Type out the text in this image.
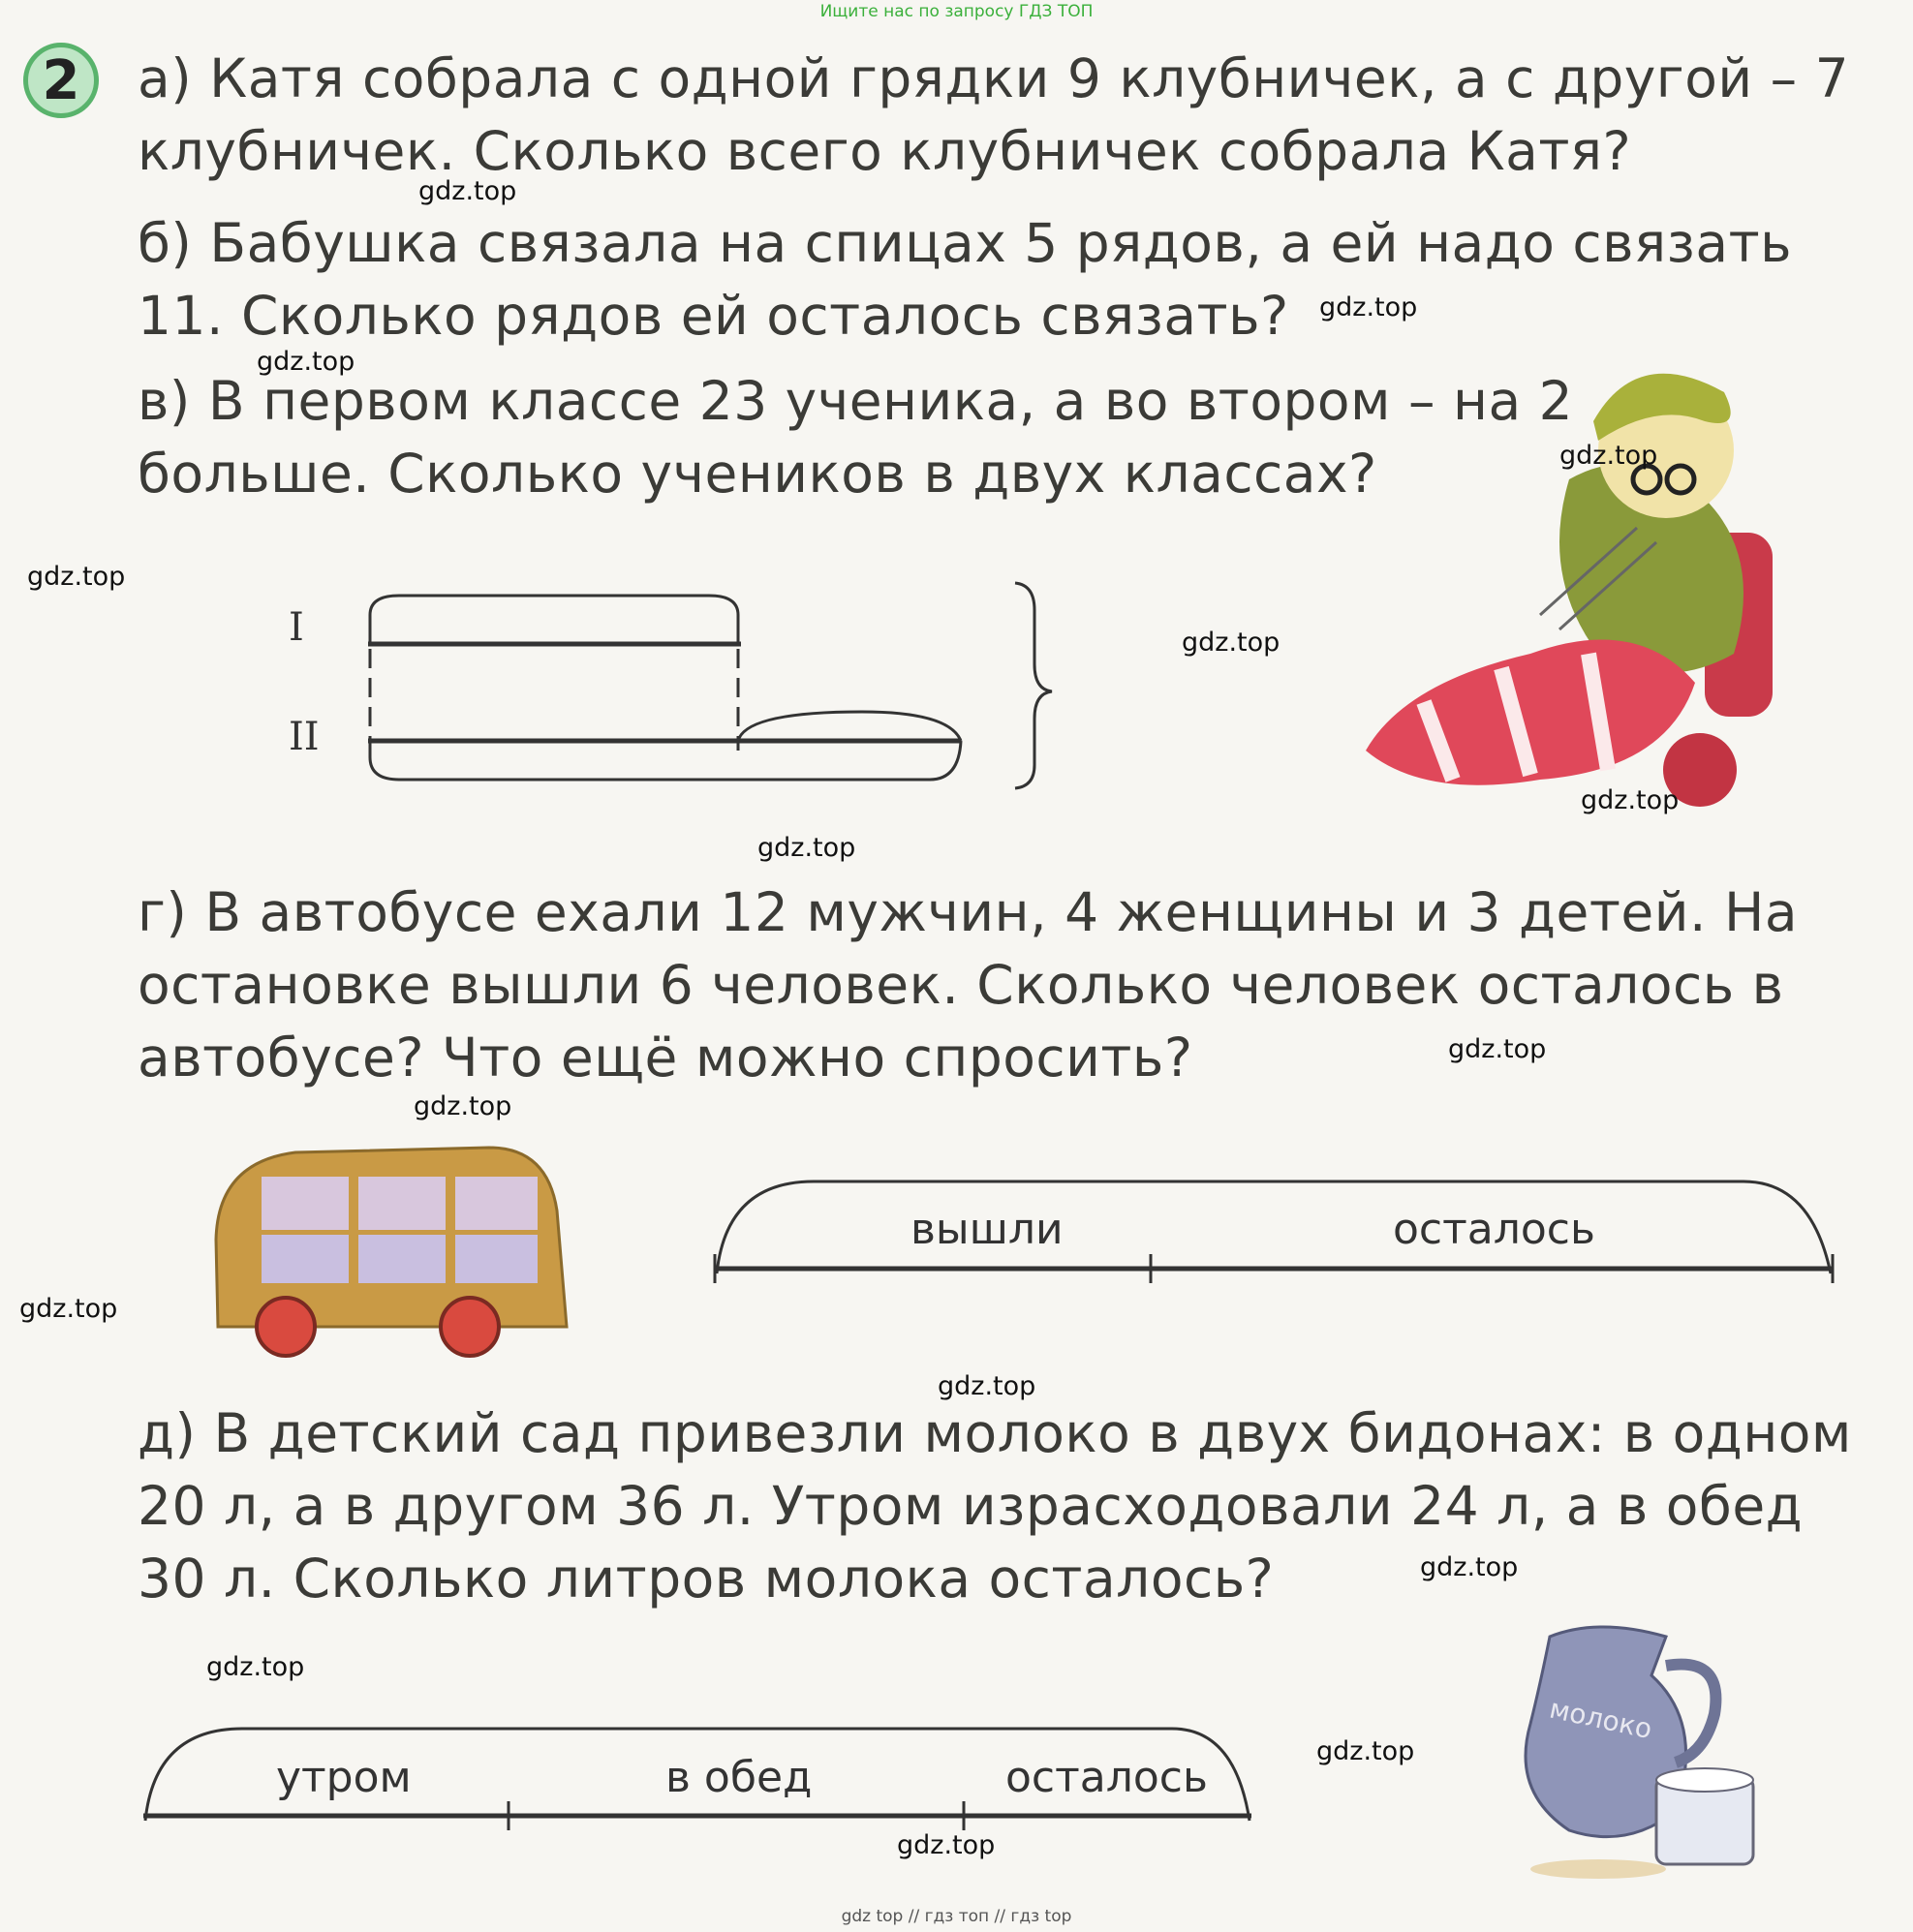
Ищите нас по запросу ГДЗ ТОП
2 а) Катя собрала с одной грядки 9 клубничек, а с другой – 7 клубничек. Сколько всего клубничек собрала Катя?
б) Бабушка связала на спицах 5 рядов, а ей надо связать 11. Сколько рядов ей осталось связать?
в) В первом классе 23 ученика, а во втором – на 2 больше. Сколько учеников в двух классах?
г) В автобусе ехали 12 мужчин, 4 женщины и 3 детей. На остановке вышли 6 человек. Сколько человек осталось в автобусе? Что ещё можно спросить?
д) В детский сад привезли молоко в двух бидонах: в одном 20 л, а в другом 36 л. Утром израсходовали 24 л, а в обед 30 л. Сколько литров молока осталось?
I
II
вышли	осталось
утром	в обед	осталось
молоко
gdz.top
gdz.top
gdz.top
gdz.top
gdz.top
gdz.top
gdz.top
gdz.top
gdz.top
gdz.top
gdz.top
gdz.top
gdz.top
gdz.top
gdz.top
gdz.top
gdz top // гдз топ // гдз top
